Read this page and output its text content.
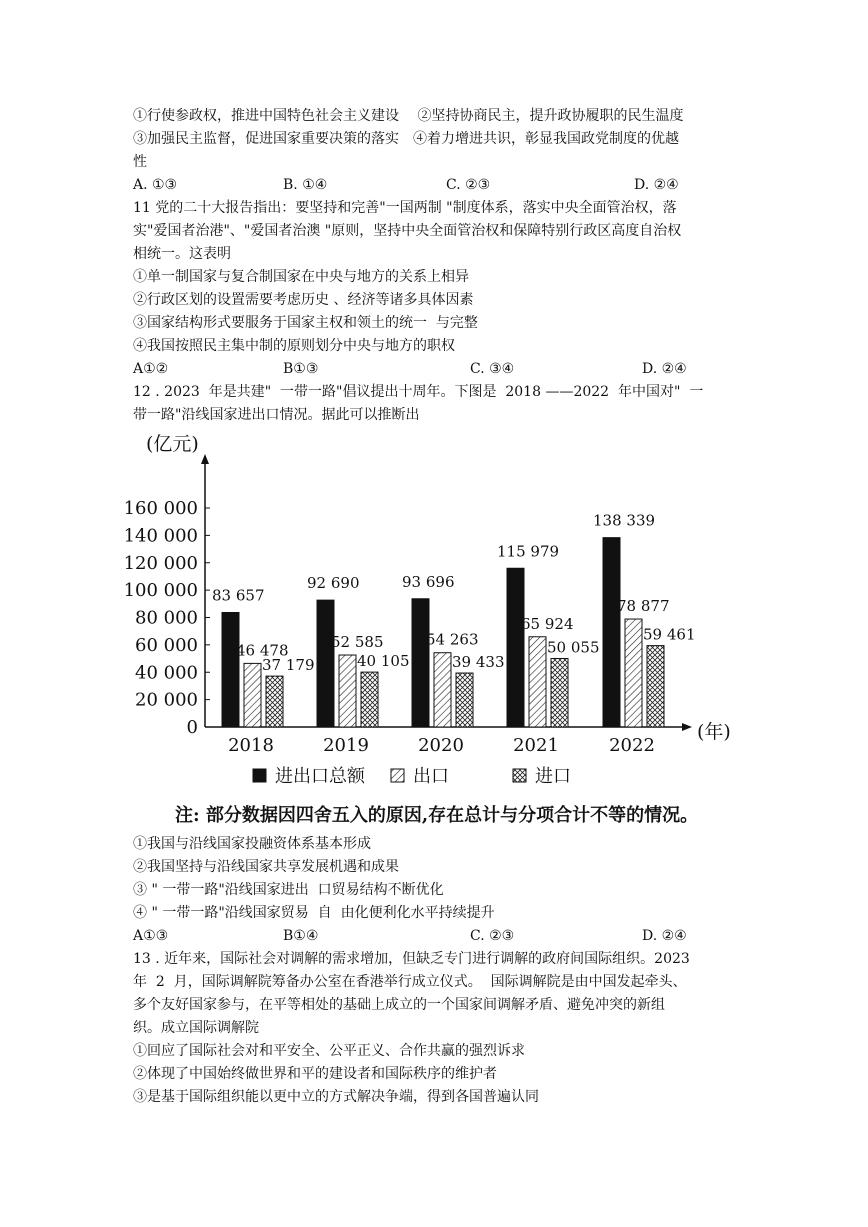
①行使参政权，推进中国特色社会主义建设　 ②坚持协商民主，提升政协履职的民生温度
③加强民主监督，促进国家重要决策的落实　④着力增进共识，彰显我国政党制度的优越
性
A. ①③	B. ①④	C. ②③	D. ②④
11 党的二十大报告指出：要坚持和完善"一国两制 "制度体系，落实中央全面管治权，落
实"爱国者治港"、"爱国者治澳 "原则，坚持中央全面管治权和保障特别行政区高度自治权
相统一。这表明
①单一制国家与复合制国家在中央与地方的关系上相异
②行政区划的设置需要考虑历史 、经济等诸多具体因素
③国家结构形式要服务于国家主权和领土的统一  与完整
④我国按照民主集中制的原则划分中央与地方的职权
A①②	B①③	C. ③④	D. ②④
12 . 2023  年是共建"  一带一路"倡议提出十周年。下图是  2018 ——2022  年中国对"  一
带一路"沿线国家进出口情况。据此可以推断出
(亿元)
(年)
0
20 000
40 000
60 000
80 000
100 000
120 000
140 000
160 000
2018	2019	2020	2021	2022
83 657
46 478
37 179
92 690
52 585
40 105
93 696
54 263
39 433
115 979
65 924
50 055
138 339
78 877
59 461
进出口总额	出口	进口
注: 部分数据因四舍五入的原因,存在总计与分项合计不等的情况。
①我国与沿线国家投融资体系基本形成
②我国坚持与沿线国家共享发展机遇和成果
③ " 一带一路"沿线国家进出  口贸易结构不断优化
④ " 一带一路"沿线国家贸易  自  由化便利化水平持续提升
A①③	B①④	C. ②③	D. ②④
13 . 近年来，国际社会对调解的需求增加，但缺乏专门进行调解的政府间国际组织。2023
年  2  月，国际调解院筹备办公室在香港举行成立仪式。  国际调解院是由中国发起牵头、
多个友好国家参与，在平等相处的基础上成立的一个国家间调解矛盾、避免冲突的新组
织。成立国际调解院
①回应了国际社会对和平安全、公平正义、合作共赢的强烈诉求
②体现了中国始终做世界和平的建设者和国际秩序的维护者
③是基于国际组织能以更中立的方式解决争端，得到各国普遍认同
